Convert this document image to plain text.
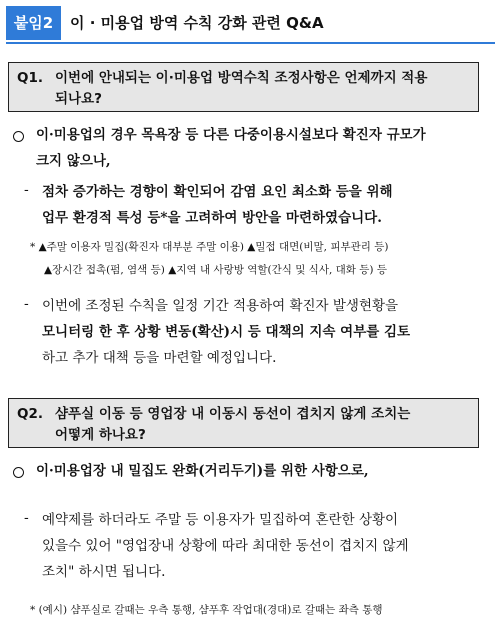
붙임2	이 · 미용업 방역 수칙 강화 관련 Q&A
Q1. 이번에 안내되는 이·미용업 방역수칙 조정사항은 언제까지 적용
되나요?
이·미용업의 경우 목욕장 등 다른 다중이용시설보다 확진자 규모가
크지 않으나,
- 점차 증가하는 경향이 확인되어 감염 요인 최소화 등을 위해
업무 환경적 특성 등*을 고려하여 방안을 마련하였습니다.
* ▲주말 이용자 밀집(확진자 대부분 주말 이용) ▲밀접 대면(비말, 피부관리 등)
▲장시간 접촉(펌, 염색 등) ▲지역 내 사랑방 역할(간식 및 식사, 대화 등) 등
- 이번에 조정된 수칙을 일정 기간 적용하여 확진자 발생현황을
모니터링 한 후 상황 변동(확산)시 등 대책의 지속 여부를 김토
하고 추가 대책 등을 마련할 예정입니다.
Q2. 샴푸실 이동 등 영업장 내 이동시 동선이 겹치지 않게 조치는
어떻게 하나요?
이·미용업장 내 밀집도 완화(거리두기)를 위한 사항으로,
- 예약제를 하더라도 주말 등 이용자가 밀집하여 혼란한 상황이
있을수 있어 "영업장내 상황에 따라 최대한 동선이 겹치지 않게
조치" 하시면 됩니다.
* (예시) 샴푸실로 갈때는 우측 통행, 샴푸후 작업대(경대)로 갈때는 좌측 통행
